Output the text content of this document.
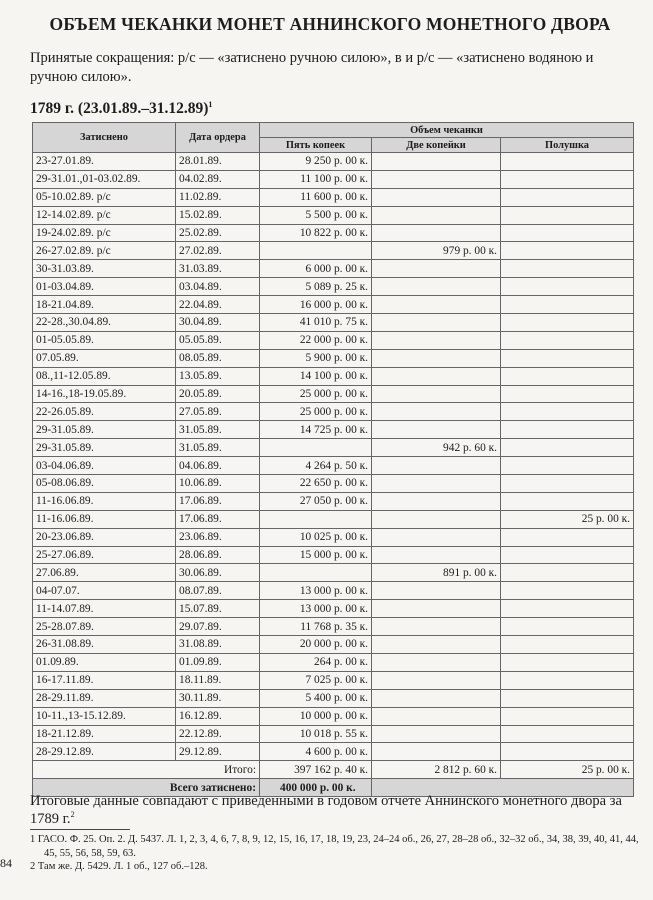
ОБЪЕМ ЧЕКАНКИ МОНЕТ АННИНСКОГО МОНЕТНОГО ДВОРА
Принятые сокращения: р/с — «затиснено ручною силою», в и р/с — «затиснено водяною и ручною силою».
1789 г. $(23.01.89.-31.12.89)^1$
Затиснено	Дата ордера	Объем чеканки		
		Пять копеек	Две копейки	Полушка
23-27.01.89.	28.01.89.	9 250 р. 00 к.		
29-31.01.,01-03.02.89.	04.02.89.	11 100 р. 00 к.		
05-10.02.89. р/с	11.02.89.	11 600 р. 00 к.		
12-14.02.89. р/с	15.02.89.	5 500 р. 00 к.		
19-24.02.89. р/с	25.02.89.	10 822 р. 00 к.		
26-27.02.89. р/с	27.02.89.		979 р. 00 к.	
30-31.03.89.	31.03.89.	6 000 р. 00 к.		
01-03.04.89.	03.04.89.	5 089 р. 25 к.		
18-21.04.89.	22.04.89.	16 000 р. 00 к.		
22-28.,30.04.89.	30.04.89.	41 010 р. 75 к.		
01-05.05.89.	05.05.89.	22 000 р. 00 к.		
07.05.89.	08.05.89.	5 900 р. 00 к.		
08.,11-12.05.89.	13.05.89.	14 100 р. 00 к.		
14-16.,18-19.05.89.	20.05.89.	25 000 р. 00 к.		
22-26.05.89.	27.05.89.	25 000 р. 00 к.		
29-31.05.89.	31.05.89.	14 725 р. 00 к.		
29-31.05.89.	31.05.89.		942 р. 60 к.	
03-04.06.89.	04.06.89.	4 264 р. 50 к.		
05-08.06.89.	10.06.89.	22 650 р. 00 к.		
11-16.06.89.	17.06.89.	27 050 р. 00 к.		
11-16.06.89.	17.06.89.			25 р. 00 к.
20-23.06.89.	23.06.89.	10 025 р. 00 к.		
25-27.06.89.	28.06.89.	15 000 р. 00 к.		
27.06.89.	30.06.89.		891 р. 00 к.	
04-07.07.	08.07.89.	13 000 р. 00 к.		
11-14.07.89.	15.07.89.	13 000 р. 00 к.		
25-28.07.89.	29.07.89.	11 768 р. 35 к.		
26-31.08.89.	31.08.89.	20 000 р. 00 к.		
01.09.89.	01.09.89.	264 р. 00 к.		
16-17.11.89.	18.11.89.	7 025 р. 00 к.		
28-29.11.89.	30.11.89.	5 400 р. 00 к.		
10-11.,13-15.12.89.	16.12.89.	10 000 р. 00 к.		
18-21.12.89.	22.12.89.	10 018 р. 55 к.		
28-29.12.89.	29.12.89.	4 600 р. 00 к.		
	Итого:	397 162 р. 40 к.	2 812 р. 60 к.	25 р. 00 к.
Всего затиснено:		400 000 р. 00 к.		
Итоговые данные совпадают с приведенными в годовом отчете Аннинского монетного двора за 1789 г.$^2$
1 ГАСО. Ф. 25. Оп. 2. Д. 5437. Л. 1, 2, 3, 4, 6, 7, 8, 9, 12, 15, 16, 17, 18, 19, 23, 24–24 об., 26, 27, 28–28 об., 32–32 об., 34, 38, 39, 40, 41, 44, 45, 55, 56, 58, 59, 63.
2 Там же. Д. 5429. Л. 1 об., 127 об.–128.
84
